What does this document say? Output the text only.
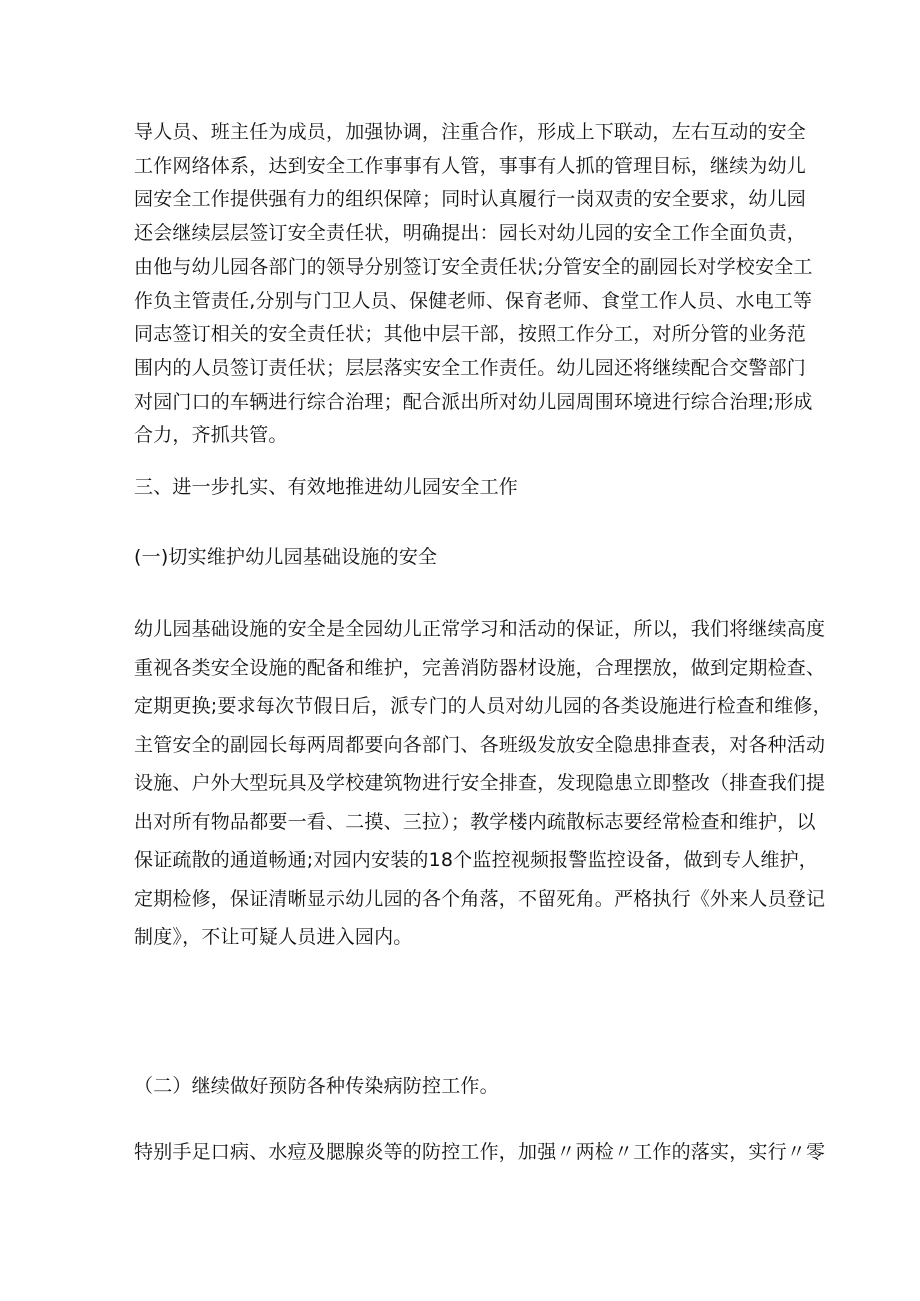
导人员、班主任为成员，加强协调，注重合作，形成上下联动，左右互动的安全

工作网络体系，达到安全工作事事有人管，事事有人抓的管理目标，继续为幼儿

园安全工作提供强有力的组织保障；同时认真履行一岗双责的安全要求，幼儿园

还会继续层层签订安全责任状，明确提出：园长对幼儿园的安全工作全面负责，

由他与幼儿园各部门的领导分别签订安全责任状;分管安全的副园长对学校安全工

作负主管责任,分别与门卫人员、保健老师、保育老师、食堂工作人员、水电工等

同志签订相关的安全责任状；其他中层干部，按照工作分工，对所分管的业务范

围内的人员签订责任状；层层落实安全工作责任。幼儿园还将继续配合交警部门

对园门口的车辆进行综合治理；配合派出所对幼儿园周围环境进行综合治理;形成

合力，齐抓共管。

三、进一步扎实、有效地推进幼儿园安全工作

(一)切实维护幼儿园基础设施的安全

幼儿园基础设施的安全是全园幼儿正常学习和活动的保证，所以，我们将继续高度

重视各类安全设施的配备和维护，完善消防器材设施，合理摆放，做到定期检查、

定期更换;要求每次节假日后，派专门的人员对幼儿园的各类设施进行检查和维修，

主管安全的副园长每两周都要向各部门、各班级发放安全隐患排查表，对各种活动

设施、户外大型玩具及学校建筑物进行安全排查，发现隐患立即整改（排查我们提

出对所有物品都要一看、二摸、三拉）；教学楼内疏散标志要经常检查和维护，以

保证疏散的通道畅通;对园内安装的18个监控视频报警监控设备，做到专人维护，

定期检修，保证清晰显示幼儿园的各个角落，不留死角。严格执行《外来人员登记

制度》，不让可疑人员进入园内。

（二）继续做好预防各种传染病防控工作。

特别手足口病、水痘及腮腺炎等的防控工作，加强〃两检〃工作的落实，实行〃零
